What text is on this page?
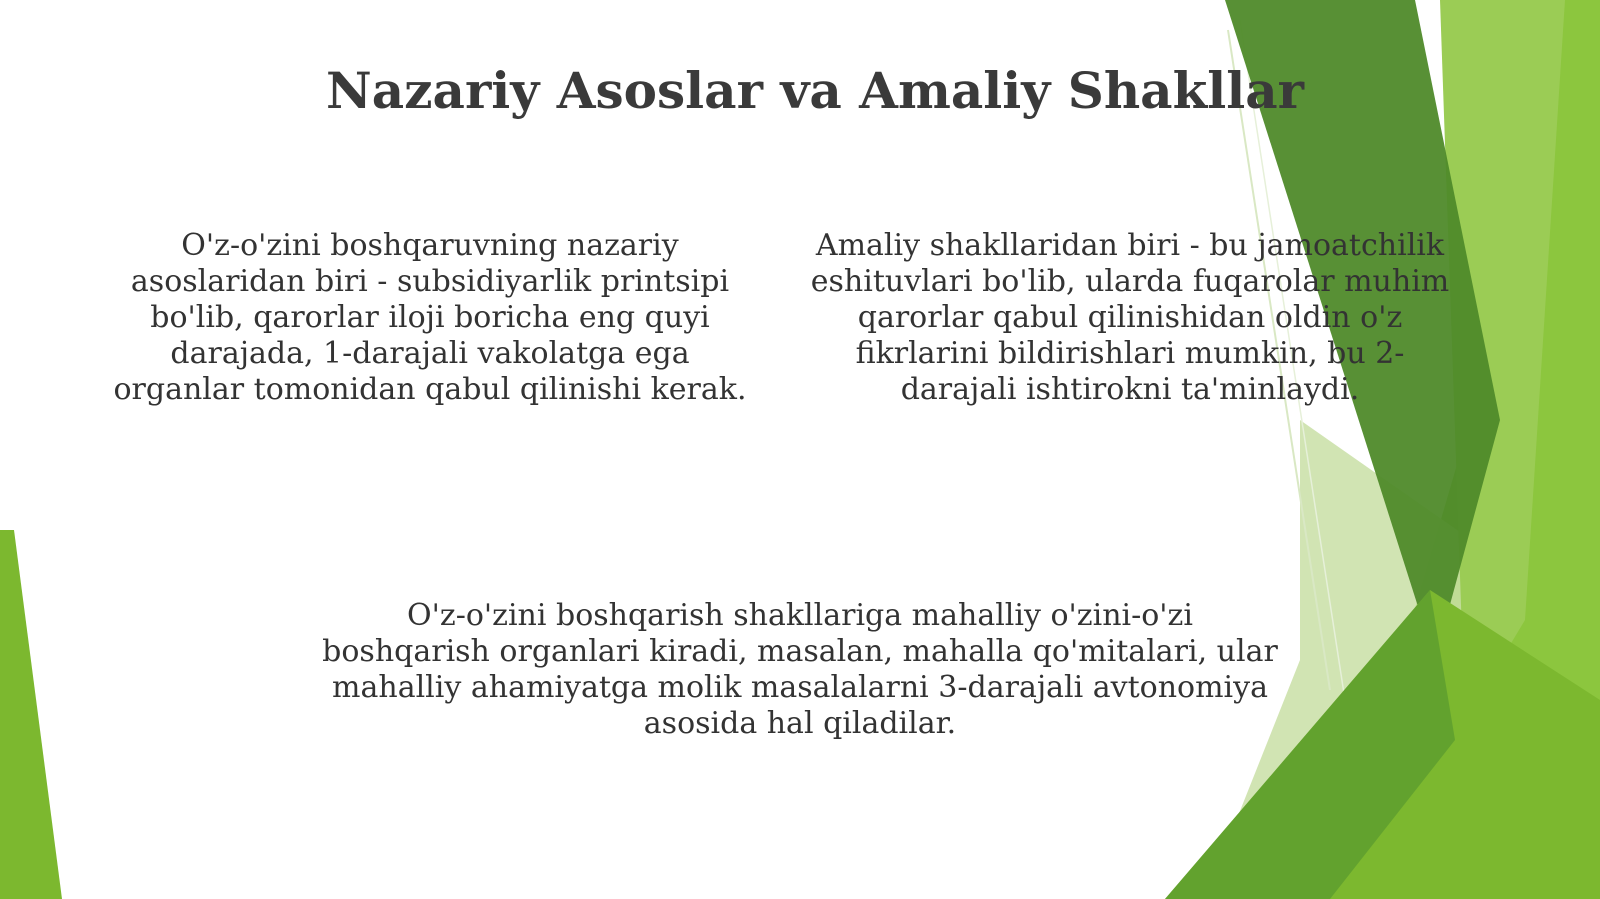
Nazariy Asoslar va Amaliy Shakllar

O'z-o'zini boshqaruvning nazariy asoslaridan biri - subsidiyarlik printsipi bo'lib, qarorlar iloji boricha eng quyi darajada, 1-darajali vakolatga ega organlar tomonidan qabul qilinishi kerak.

Amaliy shakllaridan biri - bu jamoatchilik eshituvlari bo'lib, ularda fuqarolar muhim qarorlar qabul qilinishidan oldin o'z fikrlarini bildirishlari mumkin, bu 2-darajali ishtirokni ta'minlaydi.

O'z-o'zini boshqarish shakllariga mahalliy o'zini-o'zi boshqarish organlari kiradi, masalan, mahalla qo'mitalari, ular mahalliy ahamiyatga molik masalalarni 3-darajali avtonomiya asosida hal qiladilar.
